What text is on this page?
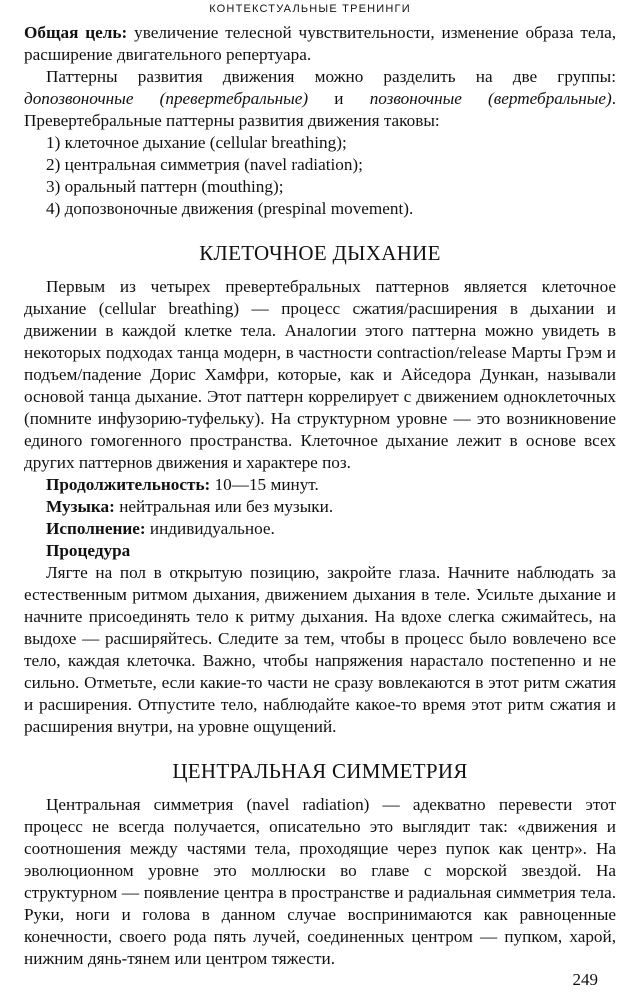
КОНТЕКСТУАЛЬНЫЕ ТРЕНИНГИ

Общая цель: увеличение телесной чувствительности, изменение образа тела, расширение двигательного репертуара.

Паттерны развития движения можно разделить на две группы: допозвоночные (превертебральные) и позвоночные (вертебральные). Превертебральные паттерны развития движения таковы:

1) клеточное дыхание (cellular breathing);
2) центральная симметрия (navel radiation);
3) оральный паттерн (mouthing);
4) допозвоночные движения (prespinal movement).
КЛЕТОЧНОЕ ДЫХАНИЕ

Первым из четырех превертебральных паттернов является клеточное дыхание (cellular breathing) — процесс сжатия/расширения в дыхании и движении в каждой клетке тела. Аналогии этого паттерна можно увидеть в некоторых подходах танца модерн, в частности contraction/release Марты Грэм и подъем/падение Дорис Хамфри, которые, как и Айседора Дункан, называли основой танца дыхание. Этот паттерн коррелирует с движением одноклеточных (помните инфузорию-туфельку). На структурном уровне — это возникновение единого гомогенного пространства. Клеточное дыхание лежит в основе всех других паттернов движения и характере поз.

Продолжительность: 10—15 минут.

Музыка: нейтральная или без музыки.

Исполнение: индивидуальное.

Процедура

Лягте на пол в открытую позицию, закройте глаза. Начните наблюдать за естественным ритмом дыхания, движением дыхания в теле. Усильте дыхание и начните присоединять тело к ритму дыхания. На вдохе слегка сжимайтесь, на выдохе — расширяйтесь. Следите за тем, чтобы в процесс было вовлечено все тело, каждая клеточка. Важно, чтобы напряжения нарастало постепенно и не сильно. Отметьте, если какие-то части не сразу вовлекаются в этот ритм сжатия и расширения. Отпустите тело, наблюдайте какое-то время этот ритм сжатия и расширения внутри, на уровне ощущений.

ЦЕНТРАЛЬНАЯ СИММЕТРИЯ

Центральная симметрия (navel radiation) — адекватно перевести этот процесс не всегда получается, описательно это выглядит так: «движения и соотношения между частями тела, проходящие через пупок как центр». На эволюционном уровне это моллюски во главе с морской звездой. На структурном — появление центра в пространстве и радиальная симметрия тела. Руки, ноги и голова в данном случае воспринимаются как равноценные конечности, своего рода пять лучей, соединенных центром — пупком, харой, нижним дянь-тянем или центром тяжести.

249
